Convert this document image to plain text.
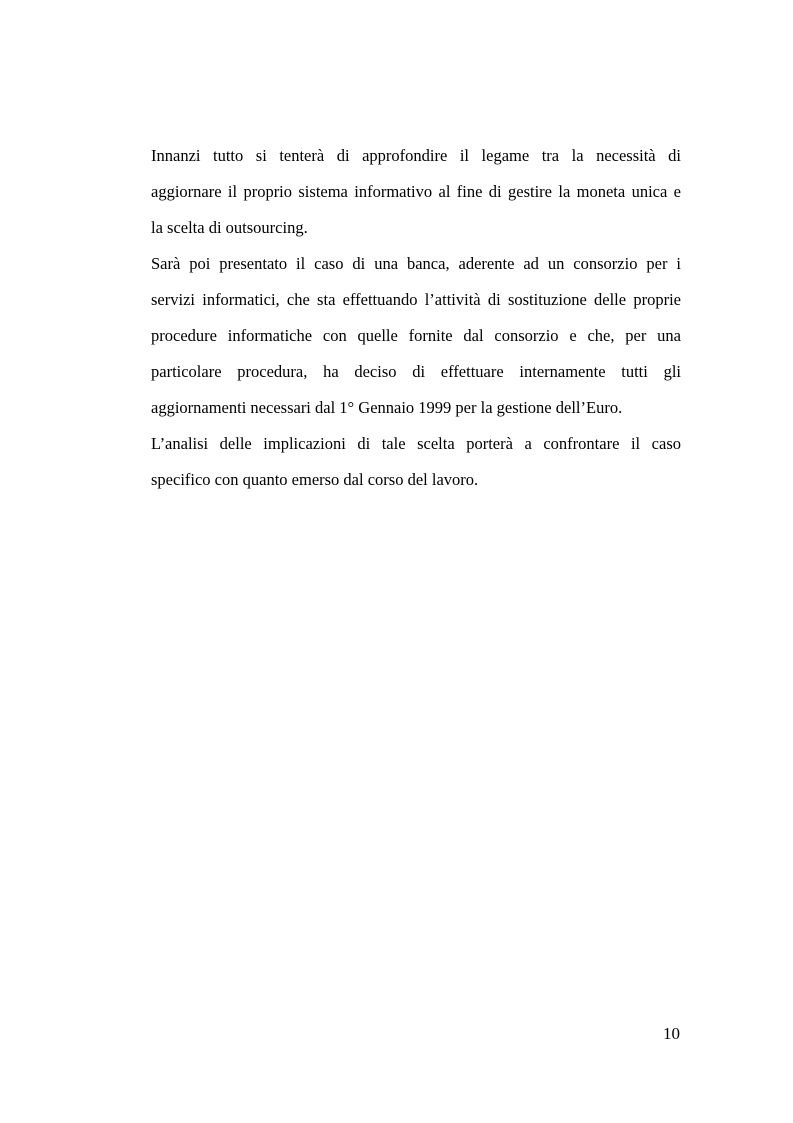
Innanzi tutto si tenterà di approfondire il legame tra la necessità di
aggiornare il proprio sistema informativo al fine di gestire la moneta unica e
la scelta di outsourcing.
Sarà poi presentato il caso di una banca, aderente ad un consorzio per i
servizi informatici, che sta effettuando l’attività di sostituzione delle proprie
procedure informatiche con quelle fornite dal consorzio e che, per una
particolare procedura, ha deciso di effettuare internamente tutti gli
aggiornamenti necessari dal 1° Gennaio 1999 per la gestione dell’Euro.
L’analisi delle implicazioni di tale scelta porterà a confrontare il caso
specifico con quanto emerso dal corso del lavoro.
10
